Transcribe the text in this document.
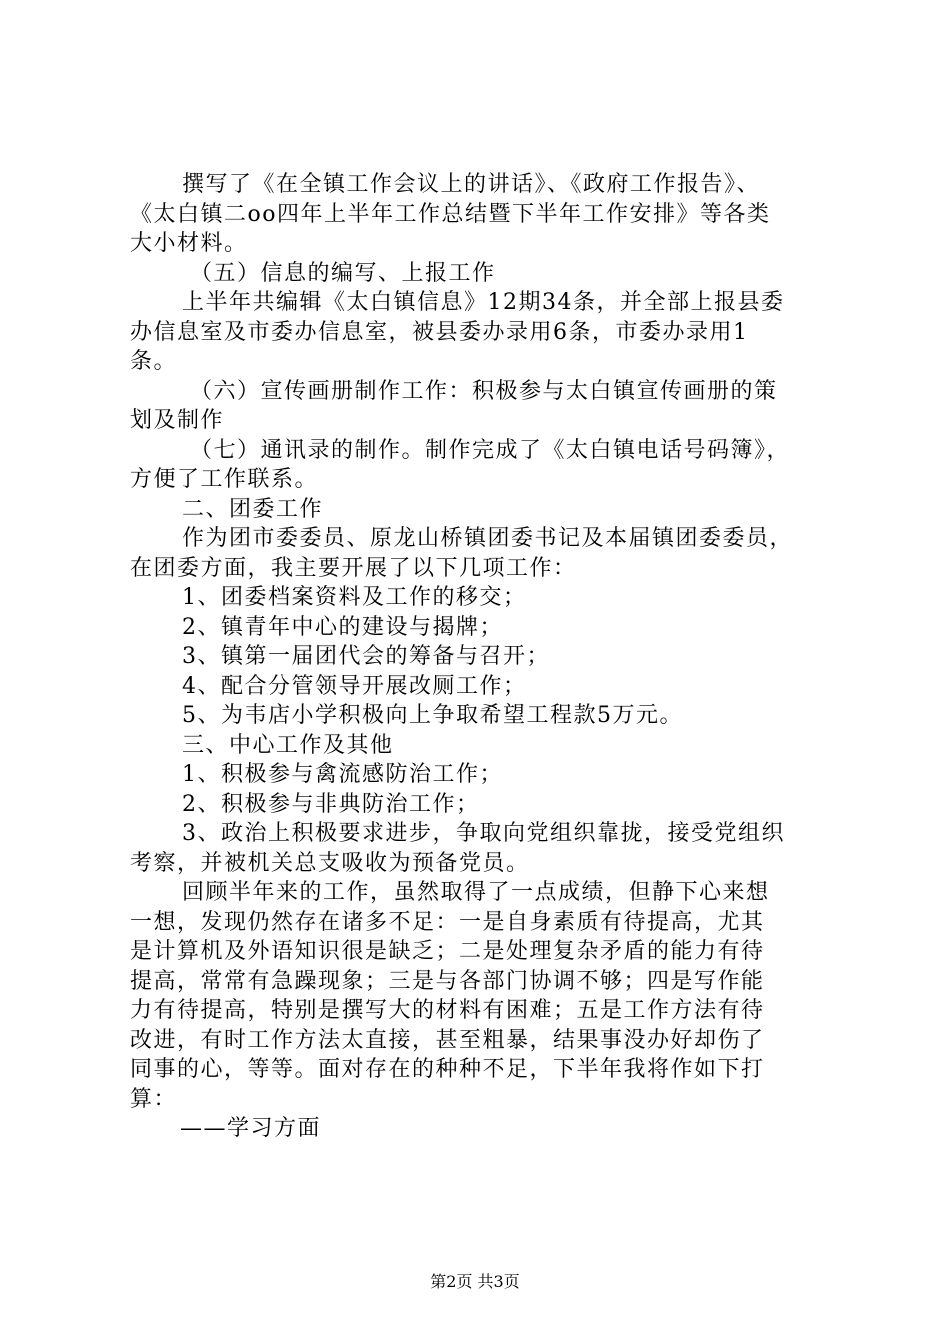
撰写了《在全镇工作会议上的讲话》、《政府工作报告》、
《太白镇二oo四年上半年工作总结暨下半年工作安排》等各类
大小材料。
（五）信息的编写、上报工作
上半年共编辑《太白镇信息》12期34条，并全部上报县委
办信息室及市委办信息室，被县委办录用6条，市委办录用1
条。
（六）宣传画册制作工作：积极参与太白镇宣传画册的策
划及制作
（七）通讯录的制作。制作完成了《太白镇电话号码簿》，
方便了工作联系。
二、团委工作
作为团市委委员、原龙山桥镇团委书记及本届镇团委委员，
在团委方面，我主要开展了以下几项工作：
1、团委档案资料及工作的移交；
2、镇青年中心的建设与揭牌；
3、镇第一届团代会的筹备与召开；
4、配合分管领导开展改厕工作；
5、为韦店小学积极向上争取希望工程款5万元。
三、中心工作及其他
1、积极参与禽流感防治工作；
2、积极参与非典防治工作；
3、政治上积极要求进步，争取向党组织靠拢，接受党组织
考察，并被机关总支吸收为预备党员。
回顾半年来的工作，虽然取得了一点成绩，但静下心来想
一想，发现仍然存在诸多不足：一是自身素质有待提高，尤其
是计算机及外语知识很是缺乏；二是处理复杂矛盾的能力有待
提高，常常有急躁现象；三是与各部门协调不够；四是写作能
力有待提高，特别是撰写大的材料有困难；五是工作方法有待
改进，有时工作方法太直接，甚至粗暴，结果事没办好却伤了
同事的心，等等。面对存在的种种不足，下半年我将作如下打
算：
——学习方面
第2页 共3页
